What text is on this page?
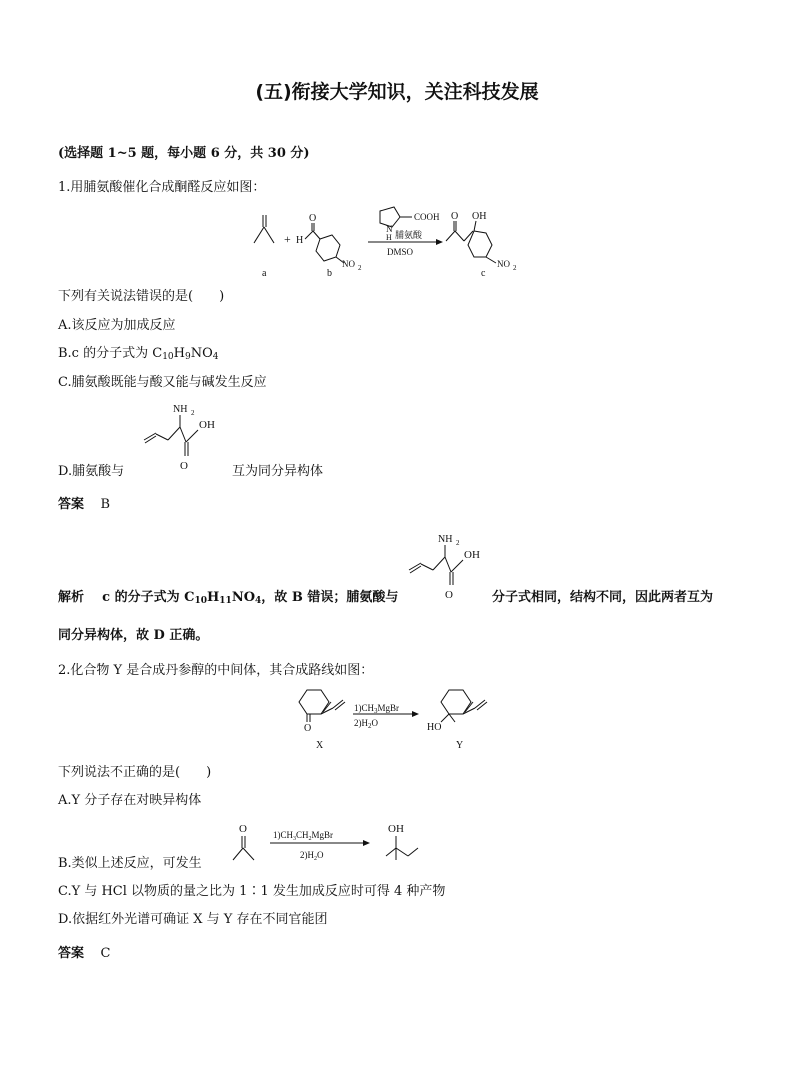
(五)衔接大学知识，关注科技发展
(选择题 1~5 题，每小题 6 分，共 30 分)
1.用脯氨酸催化合成酮醛反应如图：
+
O
H
NO 2
N
H
COOH
脯氨酸
DMSO
O OH
NO 2
a	b	c
下列有关说法错误的是(　　)
A.该反应为加成反应
B.c 的分子式为 $C_{10}H_9NO_4$
C.脯氨酸既能与酸又能与碱发生反应
NH 2
OH
O
D.脯氨酸与	互为同分异构体
答案 B
NH 2
OH
O
解析 c 的分子式为 $C_{10}H_{11}NO_4$，故 B 错误；脯氨酸与	分子式相同，结构不同，因此两者互为
同分异构体，故 D 正确。
2.化合物 Y 是合成丹参醇的中间体，其合成路线如图：
O
X
$1)CH_3MgBr$
$2)H_2O$	HO
Y
下列说法不正确的是(　　)
A.Y 分子存在对映异构体
O	$1)CH_3CH_2MgBr$
$2)H_2O$
OH
B.类似上述反应，可发生
C.Y 与 HCl 以物质的量之比为 1∶1 发生加成反应时可得 4 种产物
D.依据红外光谱可确证 X 与 Y 存在不同官能团
答案 C
